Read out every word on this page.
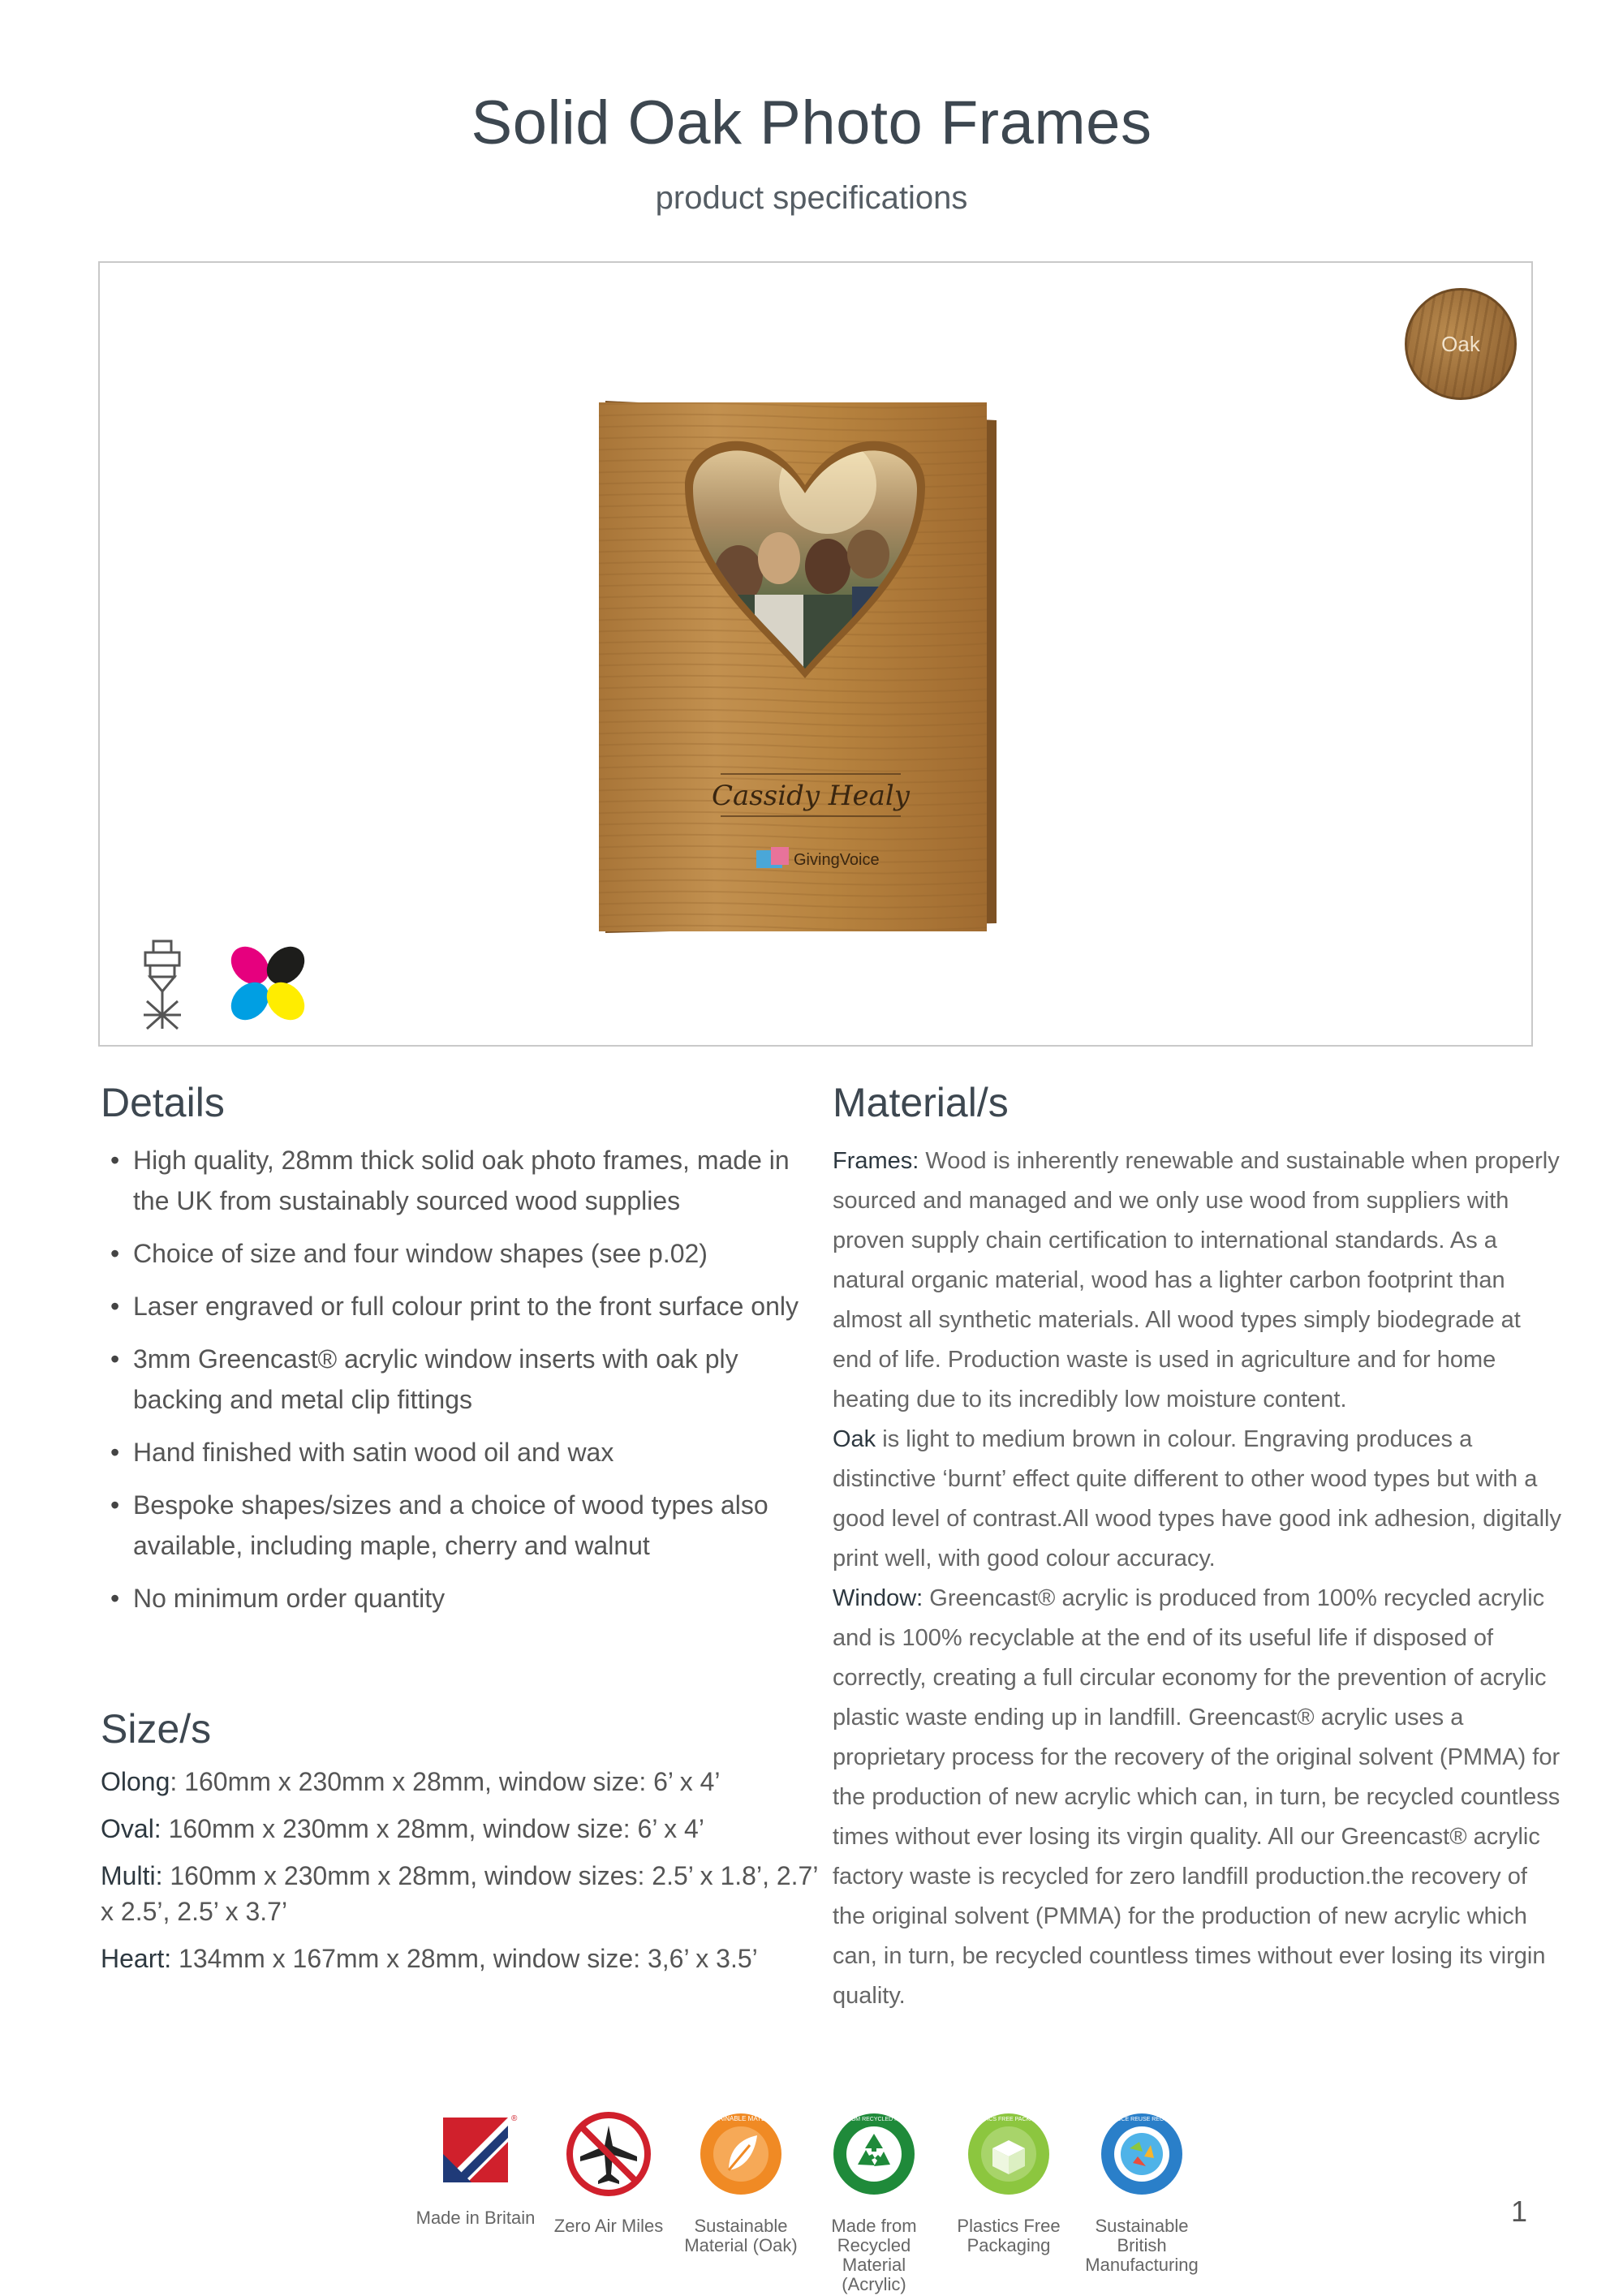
Solid Oak Photo Frames
product specifications
Oak
Cassidy Healy
GivingVoice
Details
• High quality, 28mm thick solid oak photo frames, made in the UK from sustainably sourced wood supplies
• Choice of size and four window shapes (see p.02)
• Laser engraved or full colour print to the front surface only
• 3mm Greencast® acrylic window inserts with oak ply backing and metal clip fittings
• Hand finished with satin wood oil and wax
• Bespoke shapes/sizes and a choice of wood types also available, including maple, cherry and walnut
• No minimum order quantity
Size/s

Olong: 160mm x 230mm x 28mm, window size: 6’ x 4’

Oval: 160mm x 230mm x 28mm, window size: 6’ x 4’

Multi: 160mm x 230mm x 28mm, window sizes: 2.5’ x 1.8’, 2.7’ x 2.5’, 2.5’ x 3.7’

Heart: 134mm x 167mm x 28mm, window size: 3,6’ x 3.5’

Material/s

Frames: Wood is inherently renewable and sustainable when properly sourced and managed and we only use wood from suppliers with proven supply chain certification to international standards. As a natural organic material, wood has a lighter carbon footprint than almost all synthetic materials. All wood types simply biodegrade at end of life. Production waste is used in agriculture and for home heating due to its incredibly low moisture content.
Oak is light to medium brown in colour. Engraving produces a distinctive ‘burnt’ effect quite different to other wood types but with a good level of contrast.All wood types have good ink adhesion, digitally print well, with good colour accuracy.
Window: Greencast® acrylic is produced from 100% recycled acrylic and is 100% recyclable at the end of its useful life if disposed of correctly, creating a full circular economy for the prevention of acrylic plastic waste ending up in landfill. Greencast® acrylic uses a proprietary process for the recovery of the original solvent (PMMA) for the production of new acrylic which can, in turn, be recycled countless times without ever losing its virgin quality. All our Greencast® acrylic factory waste is recycled for zero landfill production.the recovery of the original solvent (PMMA) for the production of new acrylic which can, in turn, be recycled countless times without ever losing its virgin quality.

®
Made in Britain	Zero Air Miles
SUSTAINABLE MATERIAL
Sustainable Material (Oak)
MADE FROM RECYCLED MATERIAL
Made from Recycled Material (Acrylic)
PLASTICS FREE PACKAGING
Plastics Free Packaging
REDUCE REUSE RECYCLE
Sustainable British Manufacturing
1
